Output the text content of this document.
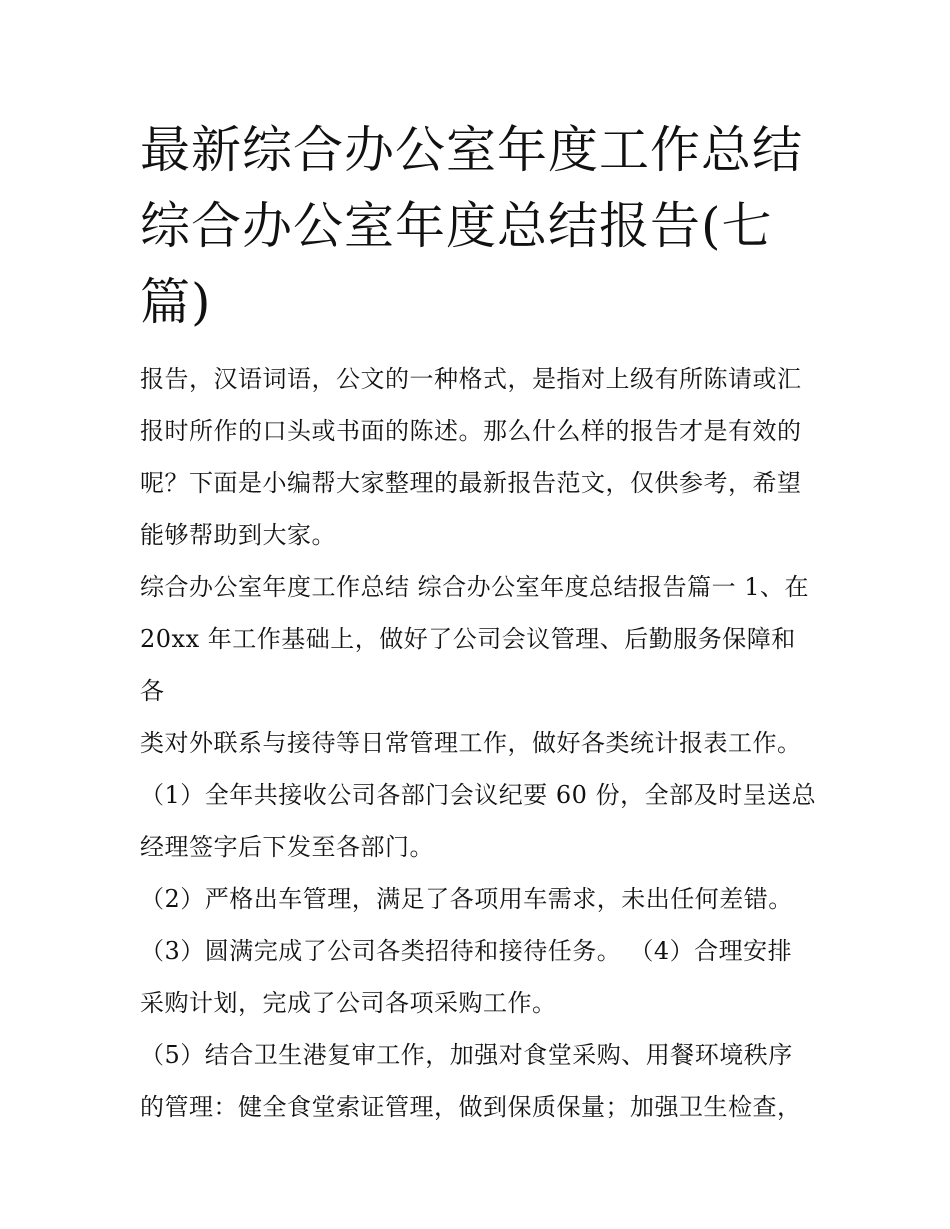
最新综合办公室年度工作总结
综合办公室年度总结报告(七
篇)
报告，汉语词语，公文的一种格式，是指对上级有所陈请或汇
报时所作的口头或书面的陈述。那么什么样的报告才是有效的
呢？下面是小编帮大家整理的最新报告范文，仅供参考，希望
能够帮助到大家。
综合办公室年度工作总结 综合办公室年度总结报告篇一 1、在
20xx 年工作基础上，做好了公司会议管理、后勤服务保障和
各
类对外联系与接待等日常管理工作，做好各类统计报表工作。
（1）全年共接收公司各部门会议纪要 60 份，全部及时呈送总
经理签字后下发至各部门。
（2）严格出车管理，满足了各项用车需求，未出任何差错。
（3）圆满完成了公司各类招待和接待任务。 （4）合理安排
采购计划，完成了公司各项采购工作。
（5）结合卫生港复审工作，加强对食堂采购、用餐环境秩序
的管理：健全食堂索证管理，做到保质保量；加强卫生检查，
